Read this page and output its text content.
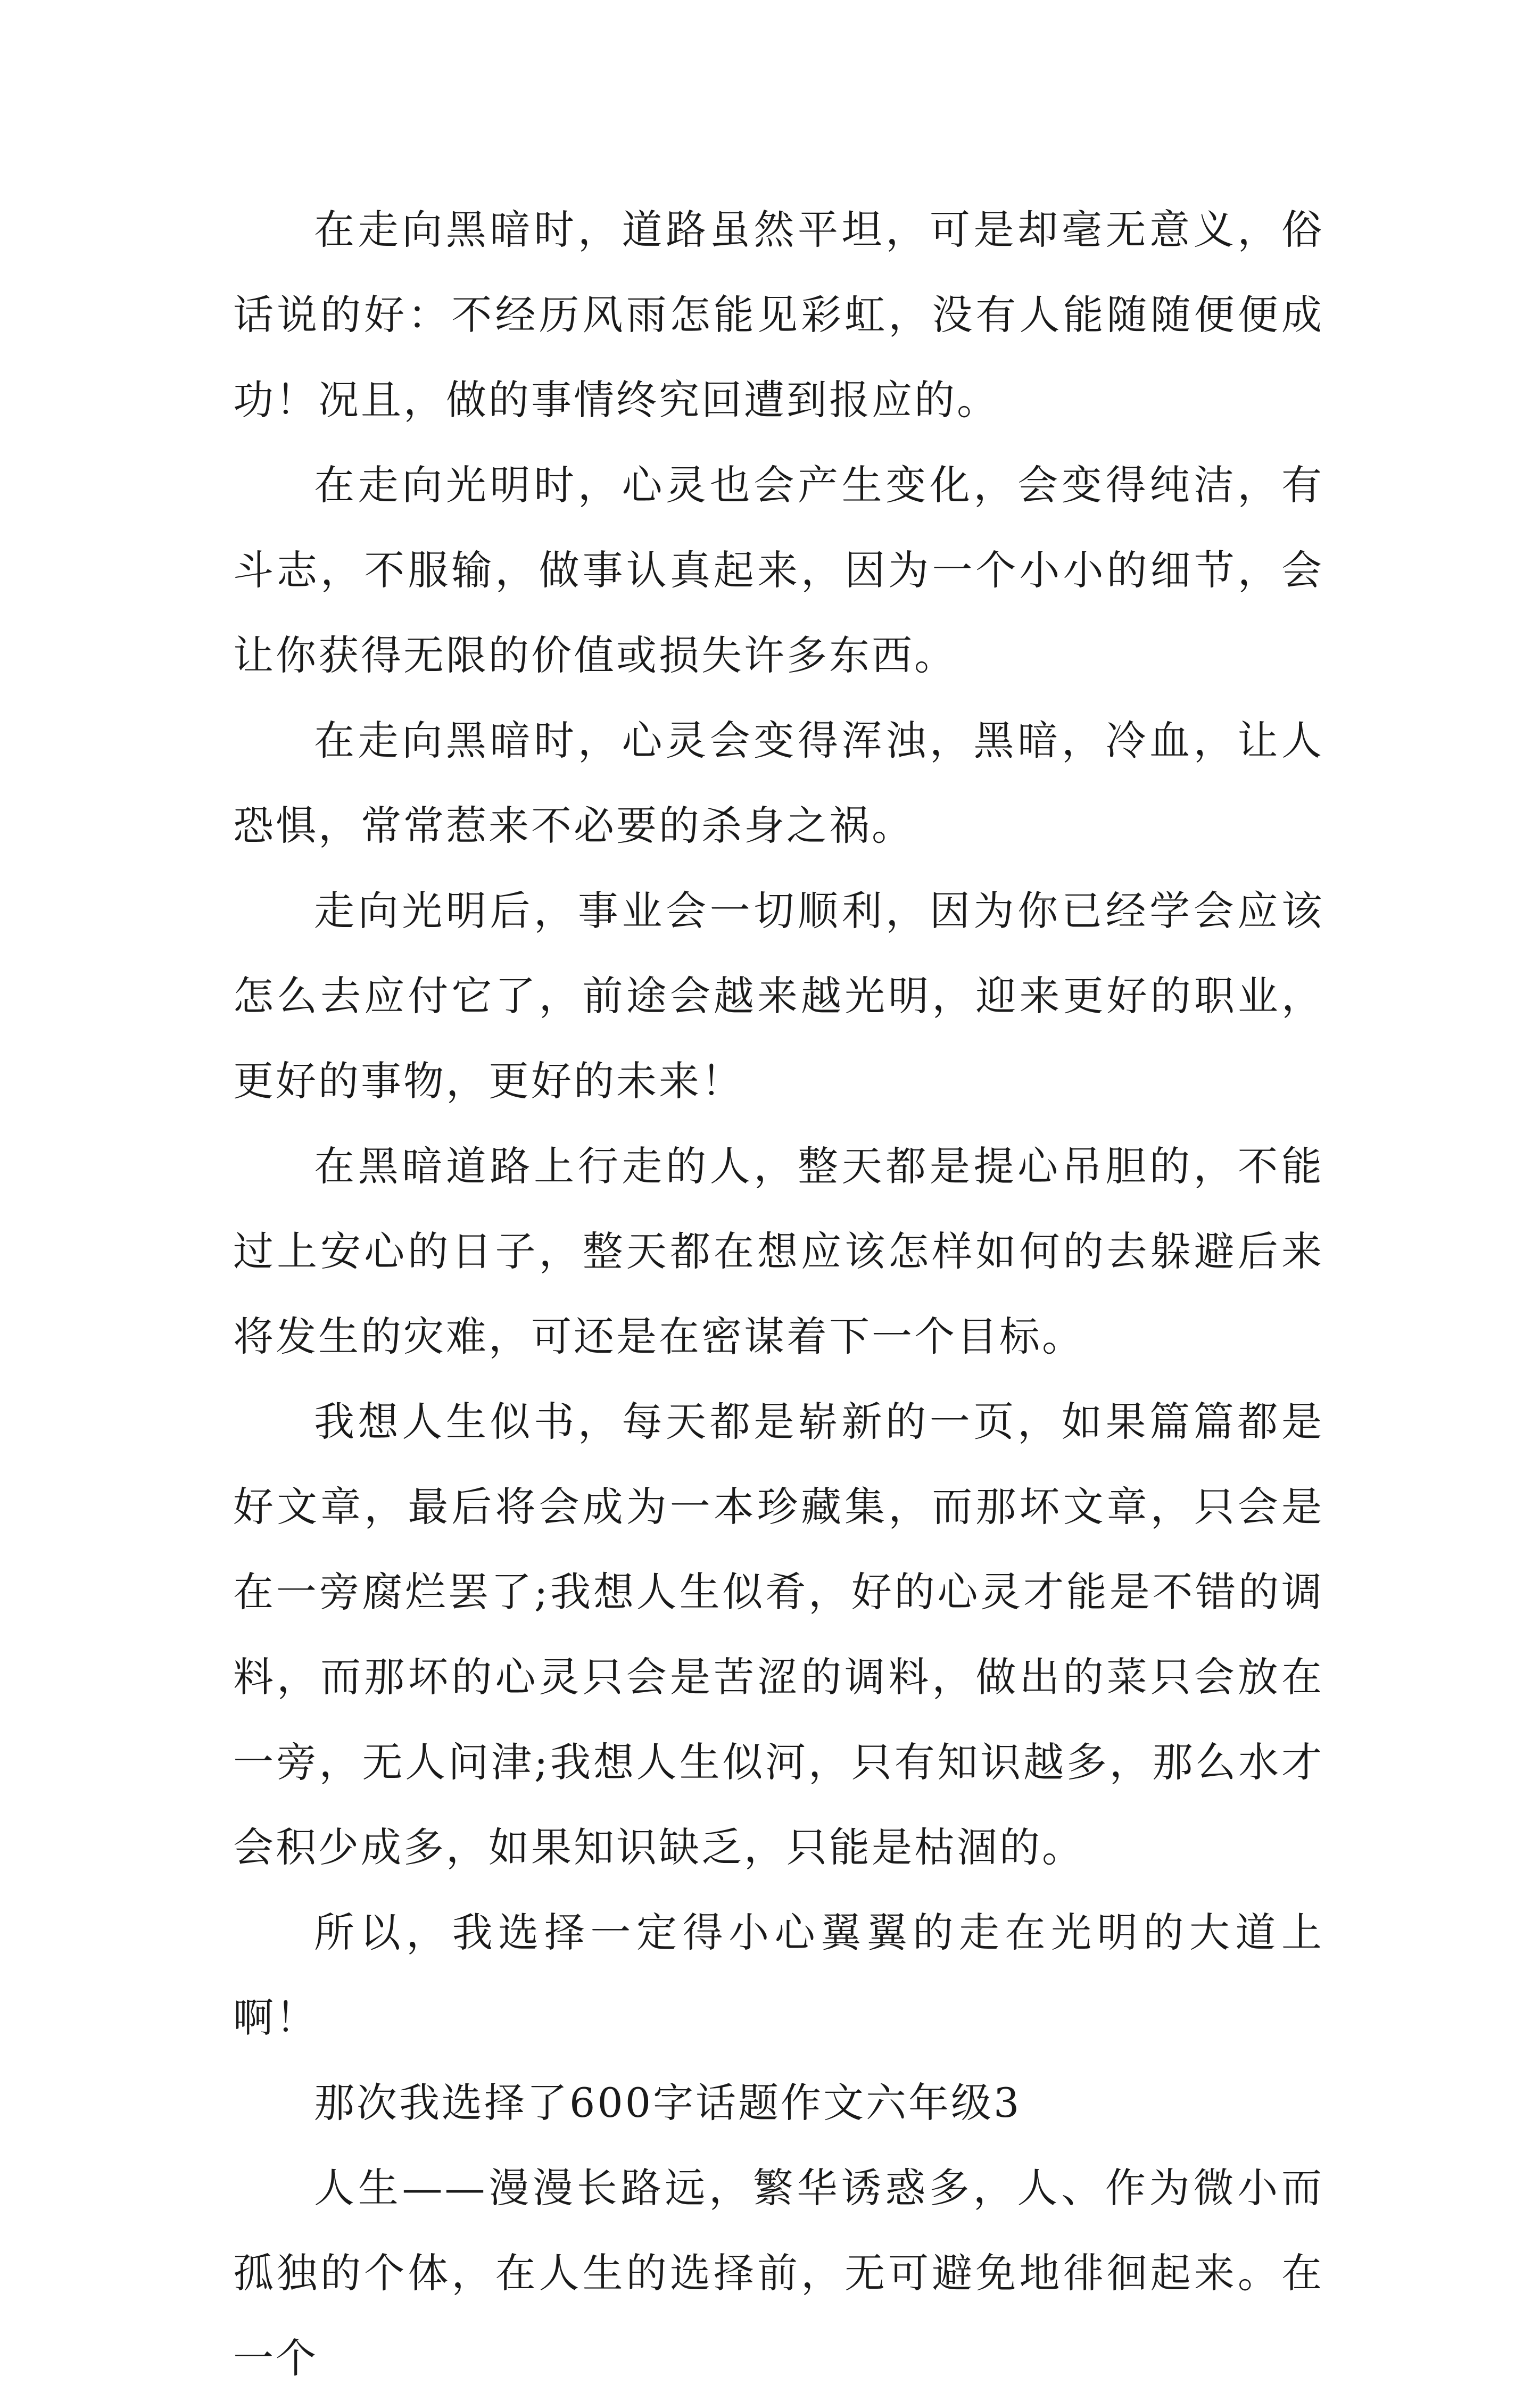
在走向黑暗时，道路虽然平坦，可是却毫无意义，俗话说的好：不经历风雨怎能见彩虹，没有人能随随便便成功！况且，做的事情终究回遭到报应的。

在走向光明时，心灵也会产生变化，会变得纯洁，有斗志，不服输，做事认真起来，因为一个小小的细节，会让你获得无限的价值或损失许多东西。

在走向黑暗时，心灵会变得浑浊，黑暗，冷血，让人恐惧，常常惹来不必要的杀身之祸。

走向光明后，事业会一切顺利，因为你已经学会应该怎么去应付它了，前途会越来越光明，迎来更好的职业，更好的事物，更好的未来！

在黑暗道路上行走的人，整天都是提心吊胆的，不能过上安心的日子，整天都在想应该怎样如何的去躲避后来将发生的灾难，可还是在密谋着下一个目标。

我想人生似书，每天都是崭新的一页，如果篇篇都是好文章，最后将会成为一本珍藏集，而那坏文章，只会是在一旁腐烂罢了;我想人生似肴，好的心灵才能是不错的调料，而那坏的心灵只会是苦涩的调料，做出的菜只会放在一旁，无人问津;我想人生似河，只有知识越多，那么水才会积少成多，如果知识缺乏，只能是枯涸的。

所以，我选择一定得小心翼翼的走在光明的大道上啊！

那次我选择了600字话题作文六年级3

人生——漫漫长路远，繁华诱惑多，人、作为微小而孤独的个体，在人生的选择前，无可避免地徘徊起来。在一个
